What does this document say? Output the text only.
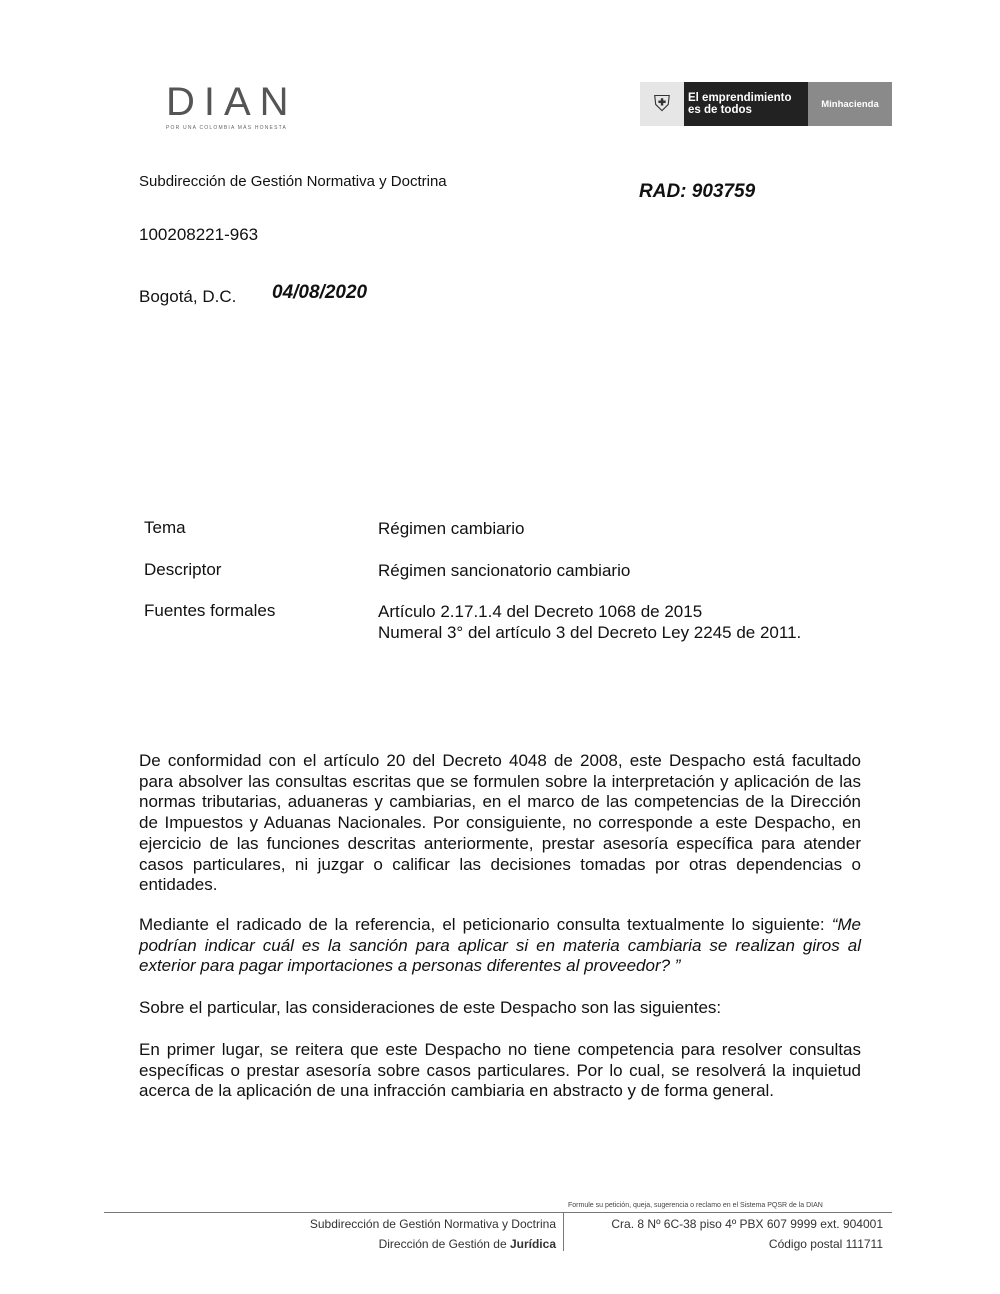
DIAN
POR UNA COLOMBIA MÁS HONESTA
⛨	El emprendimiento
es de todos	Minhacienda
Subdirección de Gestión Normativa y Doctrina	RAD: 903759
100208221-963
Bogotá, D.C. 04/08/2020
Tema	Régimen cambiario
Descriptor	Régimen sancionatorio cambiario
Fuentes formales	Artículo 2.17.1.4 del Decreto 1068 de 2015
Numeral 3° del artículo 3 del Decreto Ley 2245 de 2011.
De conformidad con el artículo 20 del Decreto 4048 de 2008, este Despacho está facultado para absolver las consultas escritas que se formulen sobre la interpretación y aplicación de las normas tributarias, aduaneras y cambiarias, en el marco de las competencias de la Dirección de Impuestos y Aduanas Nacionales. Por consiguiente, no corresponde a este Despacho, en ejercicio de las funciones descritas anteriormente, prestar asesoría específica para atender casos particulares, ni juzgar o calificar las decisiones tomadas por otras dependencias o entidades.
Mediante el radicado de la referencia, el peticionario consulta textualmente lo siguiente: “Me podrían indicar cuál es la sanción para aplicar si en materia cambiaria se realizan giros al exterior para pagar importaciones a personas diferentes al proveedor? ”
Sobre el particular, las consideraciones de este Despacho son las siguientes:
En primer lugar, se reitera que este Despacho no tiene competencia para resolver consultas específicas o prestar asesoría sobre casos particulares. Por lo cual, se resolverá la inquietud acerca de la aplicación de una infracción cambiaria en abstracto y de forma general.
Formule su petición, queja, sugerencia o reclamo en el Sistema PQSR de la DIAN
Subdirección de Gestión Normativa y Doctrina
Dirección de Gestión de Jurídica
Cra. 8 Nº 6C-38 piso 4º PBX 607 9999 ext. 904001
Código postal 111711
